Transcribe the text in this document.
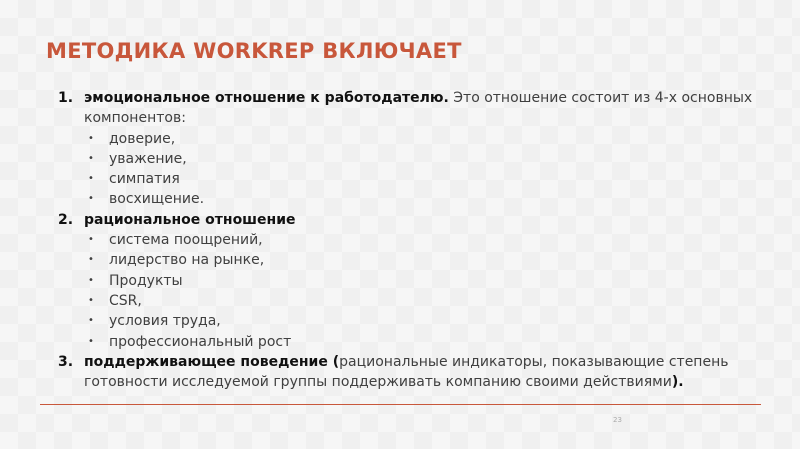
МЕТОДИКА WORKREP ВКЛЮЧАЕТ
1. эмоциональное отношение к работодателю. Это отношение состоит из 4-х основных компонентов:
• доверие,
• уважение,
• симпатия
• восхищение.
2. рациональное отношение
• система поощрений,
• лидерство на рынке,
• Продукты
• CSR,
• условия труда,
• профессиональный рост
3. поддерживающее поведение (рациональные индикаторы, показывающие степень готовности исследуемой группы поддерживать компанию своими действиями).
23
